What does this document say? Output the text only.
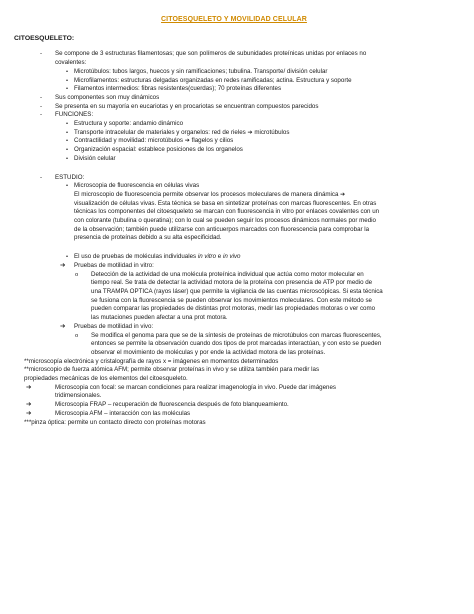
CITOESQUELETO Y MOVILIDAD CELULAR
CITOESQUELETO:
- Se compone de 3 estructuras filamentosas; que son polímeros de subunidades proteínicas unidas por enlaces no
covalentes:
• Microtúbulos: tubos largos, huecos y sin ramificaciones; tubulina. Transporte/ división celular
• Microfilamentos: estructuras delgadas organizadas en redes ramificadas; actina. Estructura y soporte
• Filamentos intermedios: fibras resistentes(cuerdas); 70 proteínas diferentes
- Sus componentes son muy dinámicos
- Se presenta en su mayoría en eucariotas y en procariotas se encuentran compuestos parecidos
- FUNCIONES:
• Estructura y soporte: andamio dinámico
• Transporte intracelular de materiales y organelos: red de rieles ➔ microtúbulos
• Contractilidad y movilidad: microtúbulos ➔ flagelos y cilios
• Organización espacial: establece posiciones de los organelos
• División celular
- ESTUDIO:
• Microscopia de fluorescencia en células vivas
El microscopio de fluorescencia permite observar los procesos moleculares de manera dinámica ➔
visualización de células vivas. Esta técnica se basa en sintetizar proteínas con marcas fluorescentes. En otras
técnicas los componentes del citoesqueleto se marcan con fluorescencia in vitro por enlaces covalentes con un
con colorante (tubulina o queratina); con lo cual se pueden seguir los procesos dinámicos normales por medio
de la observación; también puede utilizarse con anticuerpos marcados con fluorescencia para comprobar la
presencia de proteínas debido a su alta especificidad.
• El uso de pruebas de moléculas individuales in vitro e in vivo
➔ Pruebas de motilidad in vitro:
o Detección de la actividad de una molécula proteínica individual que actúa como motor molecular en
tiempo real. Se trata de detectar la actividad motora de la proteína con presencia de ATP por medio de
una TRAMPA OPTICA (rayos láser) que permite la vigilancia de las cuentas microscópicas. Si esta técnica
se fusiona con la fluorescencia se pueden observar los movimientos moleculares. Con este método se
pueden comparar las propiedades de distintas prot motoras, medir las propiedades motoras o ver como
las mutaciones pueden afectar a una prot motora.
➔ Pruebas de motilidad in vivo:
o Se modifica el genoma para que se de la síntesis de proteínas de microtúbulos con marcas fluorescentes,
entonces se permite la observación cuando dos tipos de prot marcadas interactúan, y con esto se pueden
observar el movimiento de moléculas y por ende la actividad motora de las proteínas.
**microscopía electrónica y cristalografía de rayos x = imágenes en momentos determinados
**microscopio de fuerza atómica AFM; permite observar proteínas in vivo y se utiliza también para medir las
propiedades mecánicas de los elementos del citoesqueleto.
➔	Microscopia con focal: se marcan condiciones para realizar imagenología in vivo. Puede dar imágenes
tridimensionales.
➔	Microscopia FRAP – recuperación de fluorescencia después de foto blanqueamiento.
➔	Microscopia AFM – interacción con las moléculas
***pinza óptica: permite un contacto directo con proteínas motoras
